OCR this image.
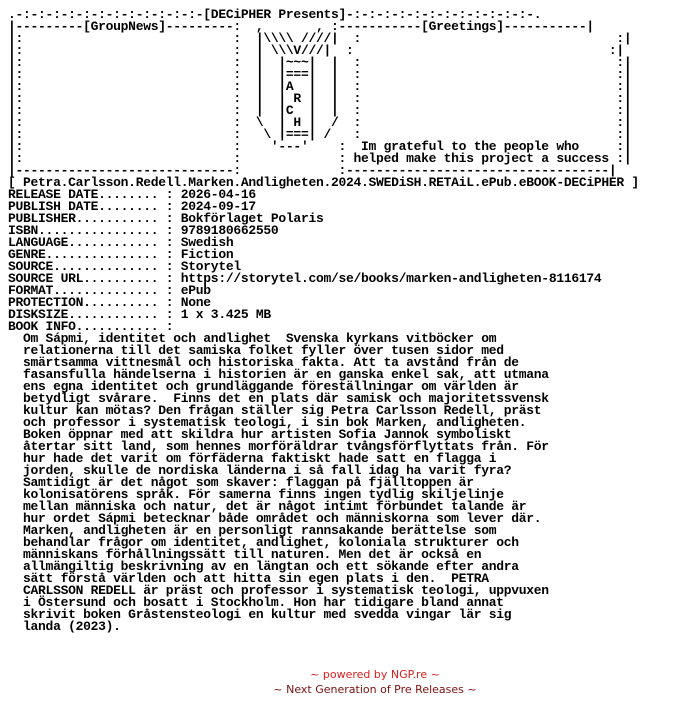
.-:-:-:-:-:-:-:-:-:-:-:-:-[DECiPHER Presents]-:-:-:-:-:-:-:-:-:-:-:-:-.
|---------[GroupNews]---------:  ,       , :-----------[Greetings]-----------|
|:                            :  |\\\\ ////|  :                                  :|
|:                            :  | \\\V///|  :                                  :|
|:                            :  |  |~~~|  |  :                                  :|
|:                            :  |  |===|  |  :                                  :|
|:                            :  |  |A  |  |  :                                  :|
|:                            :  |  | R |  |  :                                  :|
|:                            :  |  |C  |  |  :                                  :|
|:                            :  \  | H |  /  :                                  :|
|:                            :   \ |===| /   :                                  :|
|:                            :    '---'    :  Im grateful to the people who     :|
|:                            :             : helped make this project a success :|
|-----------------------------:             :-----------------------------------|
[ Petra.Carlsson.Redell.Marken.Andligheten.2024.SWEDiSH.RETAiL.ePub.eBOOK-DECiPHER ]
RELEASE DATE........ : 2026-04-16
PUBLISH DATE........ : 2024-09-17
PUBLISHER........... : Bokförlaget Polaris
ISBN................ : 9789180662550
LANGUAGE............ : Swedish
GENRE............... : Fiction
SOURCE.............. : Storytel
SOURCE URL.......... : https://storytel.com/se/books/marken-andligheten-8116174
FORMAT.............. : ePub
PROTECTION.......... : None
DISKSIZE............ : 1 x 3.425 MB
BOOK INFO........... :
Om Sápmi, identitet och andlighet  Svenska kyrkans vitböcker om
relationerna till det samiska folket fyller över tusen sidor med
smärtsamma vittnesmål och historiska fakta. Att ta avstånd från de
fasansfulla händelserna i historien är en ganska enkel sak, att utmana
ens egna identitet och grundläggande föreställningar om världen är
betydligt svårare.  Finns det en plats där samisk och majoritetssvensk
kultur kan mötas? Den frågan ställer sig Petra Carlsson Redell, präst
och professor i systematisk teologi, i sin bok Marken, andligheten.
Boken öppnar med att skildra hur artisten Sofia Jannok symboliskt
återtar sitt land, som hennes morföräldrar tvångsförflyttats från. För
hur hade det varit om förfäderna faktiskt hade satt en flagga i
jorden, skulle de nordiska länderna i så fall idag ha varit fyra?
Samtidigt är det något som skaver: flaggan på fjälltoppen är
kolonisatörens språk. För samerna finns ingen tydlig skiljelinje
mellan människa och natur, det är något intimt förbundet talande är
hur ordet Sápmi betecknar både området och människorna som lever där.
Marken, andligheten är en personligt rannsakande berättelse som
behandlar frågor om identitet, andlighet, koloniala strukturer och
människans förhållningssätt till naturen. Men det är också en
allmängiltig beskrivning av en längtan och ett sökande efter andra
sätt förstå världen och att hitta sin egen plats i den.  PETRA
CARLSSON REDELL är präst och professor i systematisk teologi, uppvuxen
i Östersund och bosatt i Stockholm. Hon har tidigare bland annat
skrivit boken Gråstensteologi en kultur med svedda vingar lär sig
landa (2023).
~ powered by NGP.re ~
~ Next Generation of Pre Releases ~
